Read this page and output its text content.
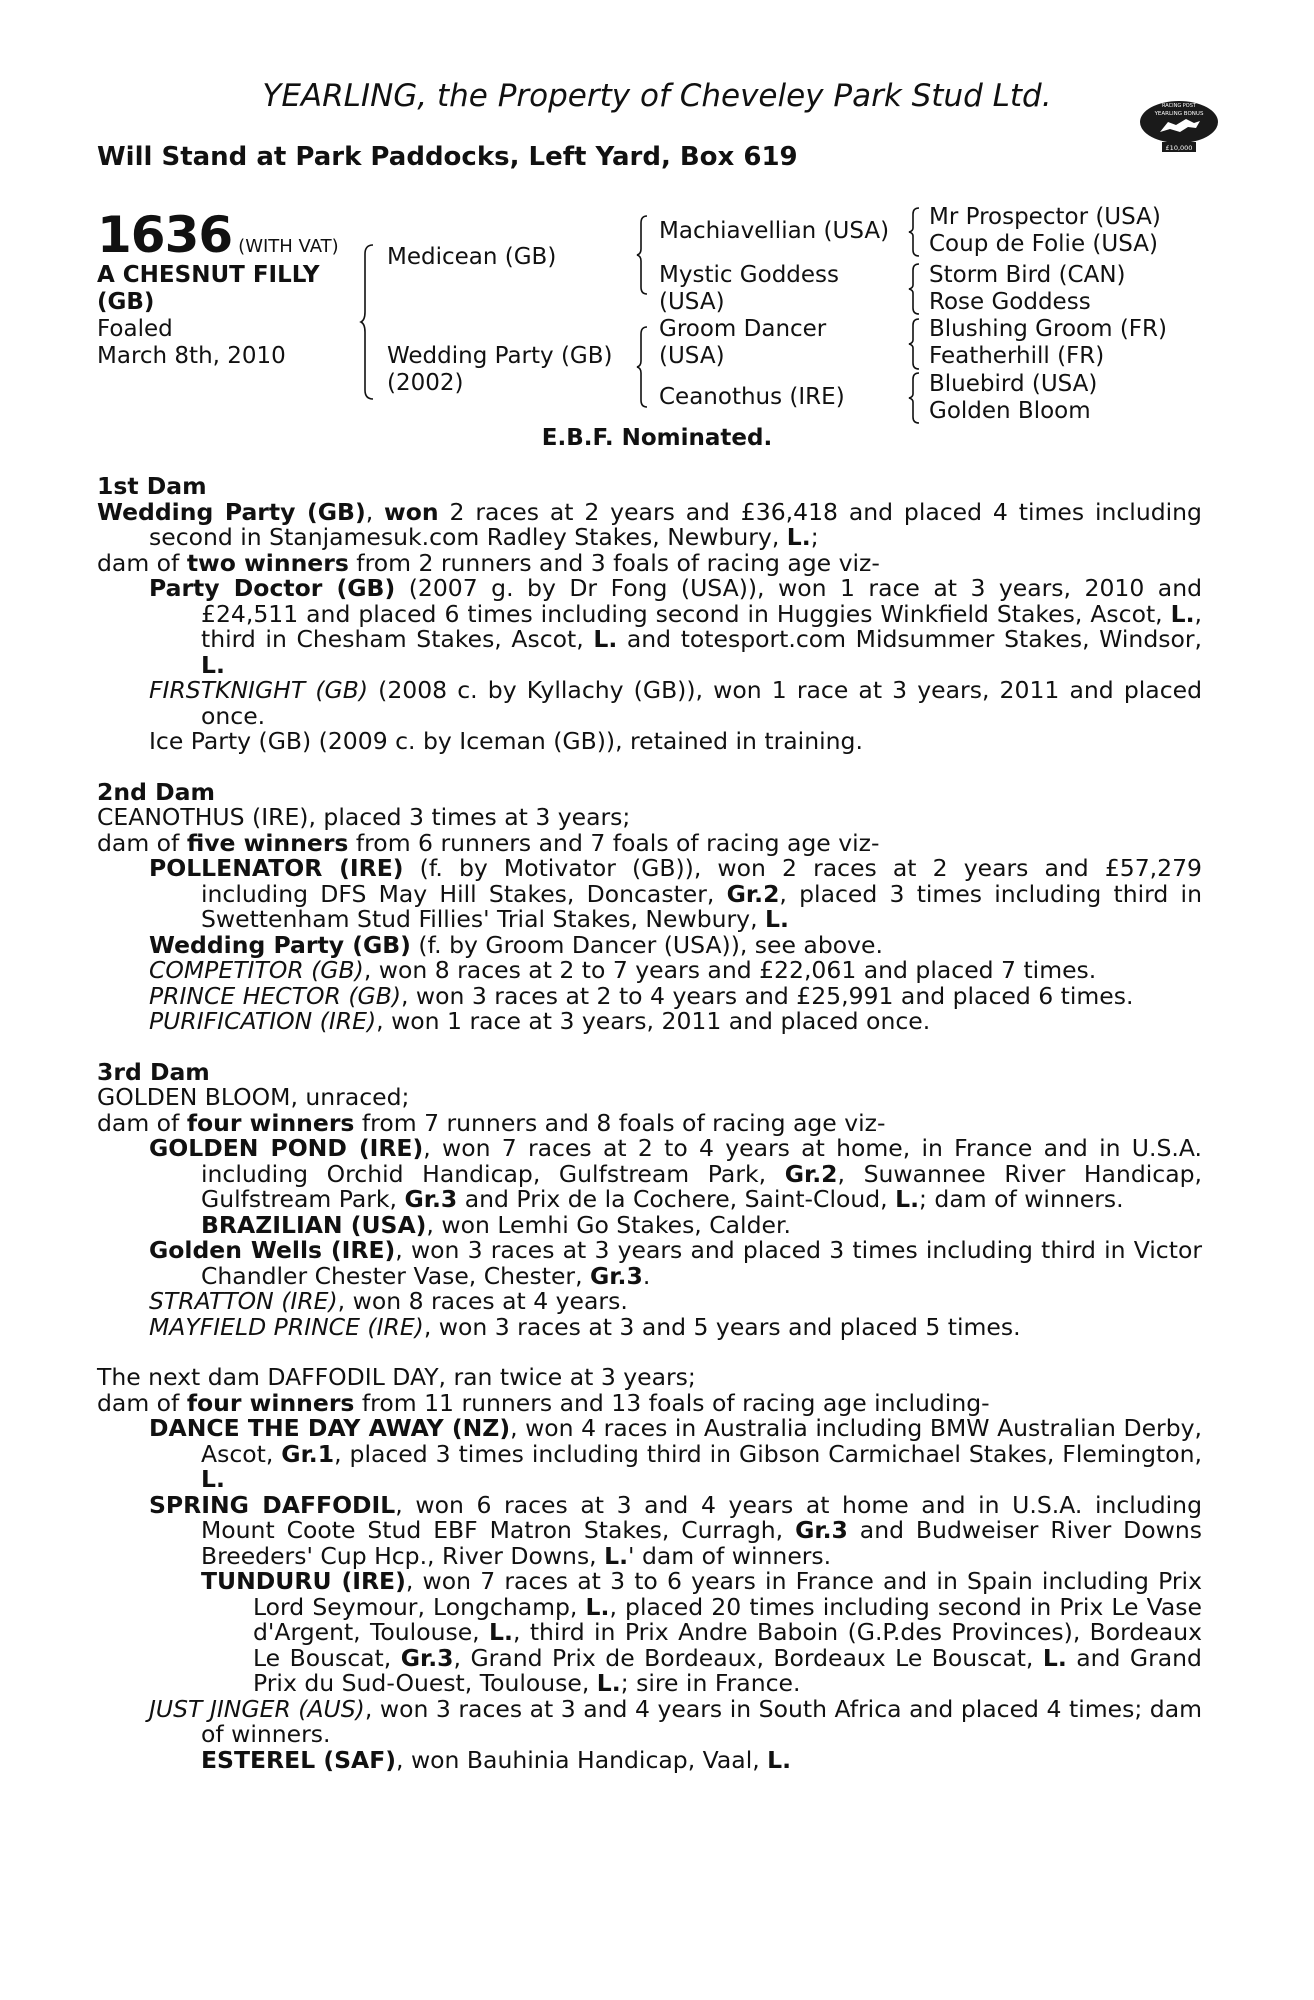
YEARLING, the Property of Cheveley Park Stud Ltd.
Will Stand at Park Paddocks, Left Yard, Box 619
RACING POST
YEARLING BONUS
£10,000
1636 (WITH VAT)
A CHESNUT FILLY
(GB)
Foaled
March 8th, 2010
Medicean (GB)
Wedding Party (GB)
(2002)
Machiavellian (USA)
Mystic Goddess
(USA)
Groom Dancer
(USA)
Ceanothus (IRE)
Mr Prospector (USA)
Coup de Folie (USA)
Storm Bird (CAN)
Rose Goddess
Blushing Groom (FR)
Featherhill (FR)
Bluebird (USA)
Golden Bloom
E.B.F. Nominated.

1st Dam

Wedding Party (GB), won 2 races at 2 years and £36,418 and placed 4 times including second in Stanjamesuk.com Radley Stakes, Newbury, L.;

dam of two winners from 2 runners and 3 foals of racing age viz-

Party Doctor (GB) (2007 g. by Dr Fong (USA)), won 1 race at 3 years, 2010 and £24,511 and placed 6 times including second in Huggies Winkfield Stakes, Ascot, L., third in Chesham Stakes, Ascot, L. and totesport.com Midsummer Stakes, Windsor, L.

FIRSTKNIGHT (GB) (2008 c. by Kyllachy (GB)), won 1 race at 3 years, 2011 and placed once.

Ice Party (GB) (2009 c. by Iceman (GB)), retained in training.

2nd Dam

CEANOTHUS (IRE), placed 3 times at 3 years;

dam of five winners from 6 runners and 7 foals of racing age viz-

POLLENATOR (IRE) (f. by Motivator (GB)), won 2 races at 2 years and £57,279 including DFS May Hill Stakes, Doncaster, Gr.2, placed 3 times including third in Swettenham Stud Fillies' Trial Stakes, Newbury, L.

Wedding Party (GB) (f. by Groom Dancer (USA)), see above.

COMPETITOR (GB), won 8 races at 2 to 7 years and £22,061 and placed 7 times.

PRINCE HECTOR (GB), won 3 races at 2 to 4 years and £25,991 and placed 6 times.

PURIFICATION (IRE), won 1 race at 3 years, 2011 and placed once.

3rd Dam

GOLDEN BLOOM, unraced;

dam of four winners from 7 runners and 8 foals of racing age viz-

GOLDEN POND (IRE), won 7 races at 2 to 4 years at home, in France and in U.S.A. including Orchid Handicap, Gulfstream Park, Gr.2, Suwannee River Handicap, Gulfstream Park, Gr.3 and Prix de la Cochere, Saint-Cloud, L.; dam of winners.

BRAZILIAN (USA), won Lemhi Go Stakes, Calder.

Golden Wells (IRE), won 3 races at 3 years and placed 3 times including third in Victor Chandler Chester Vase, Chester, Gr.3.

STRATTON (IRE), won 8 races at 4 years.

MAYFIELD PRINCE (IRE), won 3 races at 3 and 5 years and placed 5 times.

The next dam DAFFODIL DAY, ran twice at 3 years;

dam of four winners from 11 runners and 13 foals of racing age including-

DANCE THE DAY AWAY (NZ), won 4 races in Australia including BMW Australian Derby, Ascot, Gr.1, placed 3 times including third in Gibson Carmichael Stakes, Flemington, L.

SPRING DAFFODIL, won 6 races at 3 and 4 years at home and in U.S.A. including Mount Coote Stud EBF Matron Stakes, Curragh, Gr.3 and Budweiser River Downs Breeders' Cup Hcp., River Downs, L.' dam of winners.

TUNDURU (IRE), won 7 races at 3 to 6 years in France and in Spain including Prix Lord Seymour, Longchamp, L., placed 20 times including second in Prix Le Vase d'Argent, Toulouse, L., third in Prix Andre Baboin (G.P.des Provinces), Bordeaux Le Bouscat, Gr.3, Grand Prix de Bordeaux, Bordeaux Le Bouscat, L. and Grand Prix du Sud-Ouest, Toulouse, L.; sire in France.

JUST JINGER (AUS), won 3 races at 3 and 4 years in South Africa and placed 4 times; dam of winners.

ESTEREL (SAF), won Bauhinia Handicap, Vaal, L.
